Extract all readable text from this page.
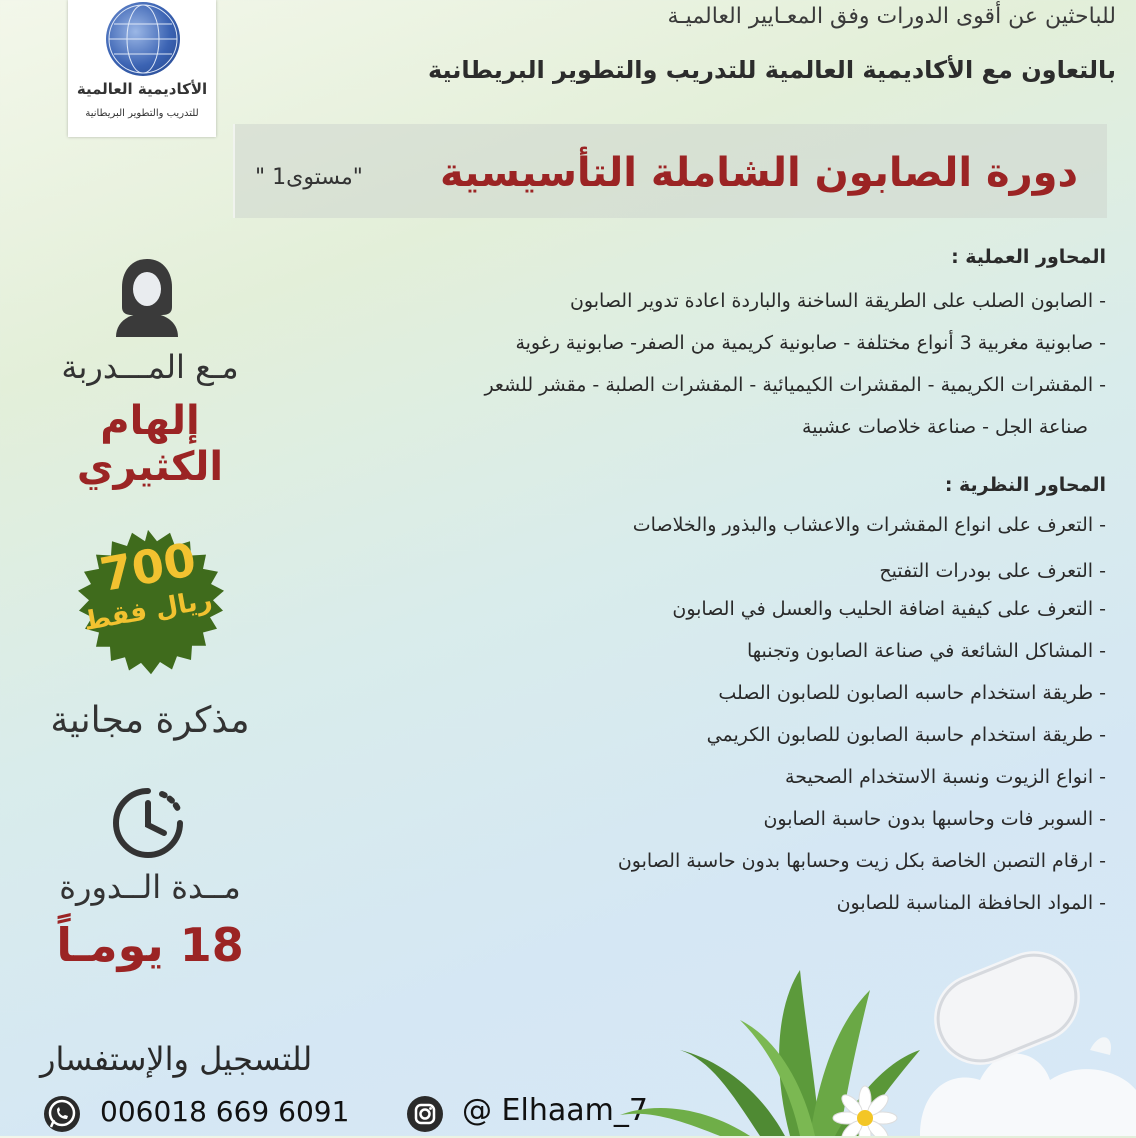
الأكاديمية العالمية
للتدريب والتطوير البريطانية
للباحثين عن أقوى الدورات وفق المعـايير العالميـة
بالتعاون مع الأكاديمية العالمية للتدريب والتطوير البريطانية
دورة الصابون الشاملة التأسيسية
"مستوى1 "
المحاور العملية :
- الصابون الصلب على الطريقة الساخنة والباردة اعادة تدوير الصابون
- صابونية مغربية 3 أنواع مختلفة - صابونية كريمية من الصفر- صابونية رغوية
- المقشرات الكريمية - المقشرات الكيميائية - المقشرات الصلبة - مقشر للشعر
صناعة الجل - صناعة خلاصات عشبية
المحاور النظرية :
- التعرف على انواع المقشرات والاعشاب والبذور والخلاصات
- التعرف على بودرات التفتيح
- التعرف على كيفية اضافة الحليب والعسل في الصابون
- المشاكل الشائعة في صناعة الصابون وتجنبها
- طريقة استخدام حاسبه الصابون للصابون الصلب
- طريقة استخدام حاسبة الصابون للصابون الكريمي
- انواع الزيوت ونسبة الاستخدام الصحيحة
- السوبر فات وحاسبها بدون حاسبة الصابون
- ارقام التصبن الخاصة بكل زيت وحسابها بدون حاسبة الصابون
- المواد الحافظة المناسبة للصابون
مـع المـــدربة
إلهام الكثيري
700
ريال فقط
مذكرة مجانية
مــدة الــدورة
18 يومـاً
للتسجيل والإستفسار
006018 669 6091	@ Elhaam_7
